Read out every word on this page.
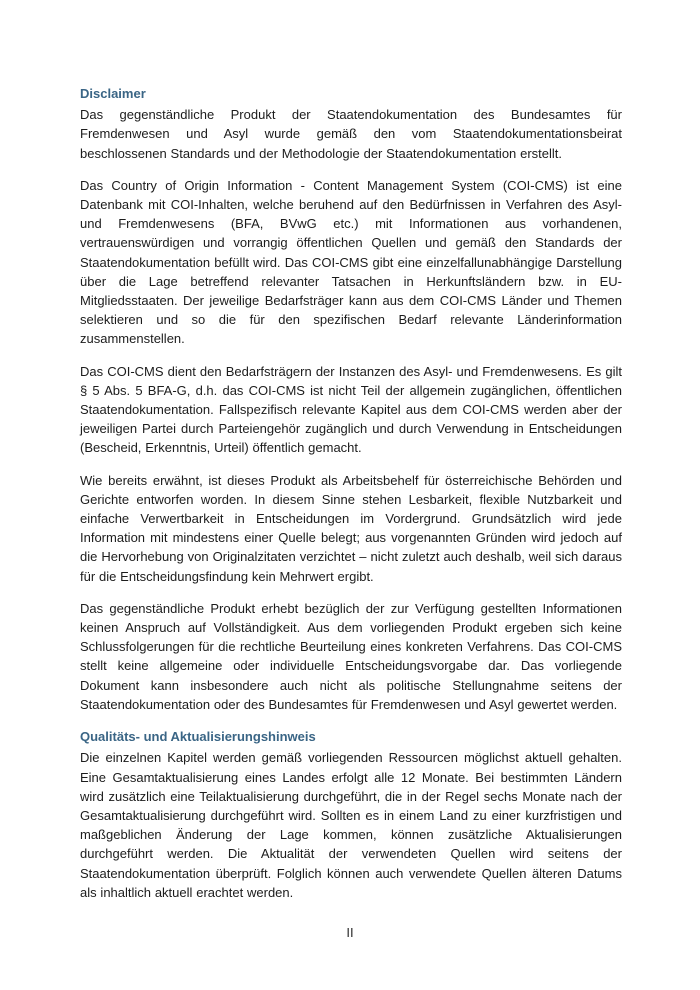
Disclaimer

Das gegenständliche Produkt der Staatendokumentation des Bundesamtes für Fremdenwesen und Asyl wurde gemäß den vom Staatendokumentationsbeirat beschlossenen Standards und der Methodologie der Staatendokumentation erstellt.

Das Country of Origin Information - Content Management System (COI-CMS) ist eine Datenbank mit COI-Inhalten, welche beruhend auf den Bedürfnissen in Verfahren des Asyl- und Fremdenwesens (BFA, BVwG etc.) mit Informationen aus vorhandenen, vertrauenswürdigen und vorrangig öffentlichen Quellen und gemäß den Standards der Staatendokumentation befüllt wird. Das COI-CMS gibt eine einzelfallunabhängige Darstellung über die Lage betreffend relevanter Tatsachen in Herkunftsländern bzw. in EU-Mitgliedsstaaten. Der jeweilige Bedarfsträger kann aus dem COI-CMS Länder und Themen selektieren und so die für den spezifischen Bedarf relevante Länderinformation zusammenstellen.

Das COI-CMS dient den Bedarfsträgern der Instanzen des Asyl- und Fremdenwesens. Es gilt § 5 Abs. 5 BFA-G, d.h. das COI-CMS ist nicht Teil der allgemein zugänglichen, öffentlichen Staatendokumentation. Fallspezifisch relevante Kapitel aus dem COI-CMS werden aber der jeweiligen Partei durch Parteiengehör zugänglich und durch Verwendung in Entscheidungen (Bescheid, Erkenntnis, Urteil) öffentlich gemacht.

Wie bereits erwähnt, ist dieses Produkt als Arbeitsbehelf für österreichische Behörden und Gerichte entworfen worden. In diesem Sinne stehen Lesbarkeit, flexible Nutzbarkeit und einfache Verwertbarkeit in Entscheidungen im Vordergrund. Grundsätzlich wird jede Information mit mindestens einer Quelle belegt; aus vorgenannten Gründen wird jedoch auf die Hervorhebung von Originalzitaten verzichtet – nicht zuletzt auch deshalb, weil sich daraus für die Entscheidungsfindung kein Mehrwert ergibt.

Das gegenständliche Produkt erhebt bezüglich der zur Verfügung gestellten Informationen keinen Anspruch auf Vollständigkeit. Aus dem vorliegenden Produkt ergeben sich keine Schlussfolgerungen für die rechtliche Beurteilung eines konkreten Verfahrens. Das COI-CMS stellt keine allgemeine oder individuelle Entscheidungsvorgabe dar. Das vorliegende Dokument kann insbesondere auch nicht als politische Stellungnahme seitens der Staatendokumentation oder des Bundesamtes für Fremdenwesen und Asyl gewertet werden.

Qualitäts- und Aktualisierungshinweis

Die einzelnen Kapitel werden gemäß vorliegenden Ressourcen möglichst aktuell gehalten. Eine Gesamtaktualisierung eines Landes erfolgt alle 12 Monate. Bei bestimmten Ländern wird zusätzlich eine Teilaktualisierung durchgeführt, die in der Regel sechs Monate nach der Gesamtaktualisierung durchgeführt wird. Sollten es in einem Land zu einer kurzfristigen und maßgeblichen Änderung der Lage kommen, können zusätzliche Aktualisierungen durchgeführt werden. Die Aktualität der verwendeten Quellen wird seitens der Staatendokumentation überprüft. Folglich können auch verwendete Quellen älteren Datums als inhaltlich aktuell erachtet werden.

II
